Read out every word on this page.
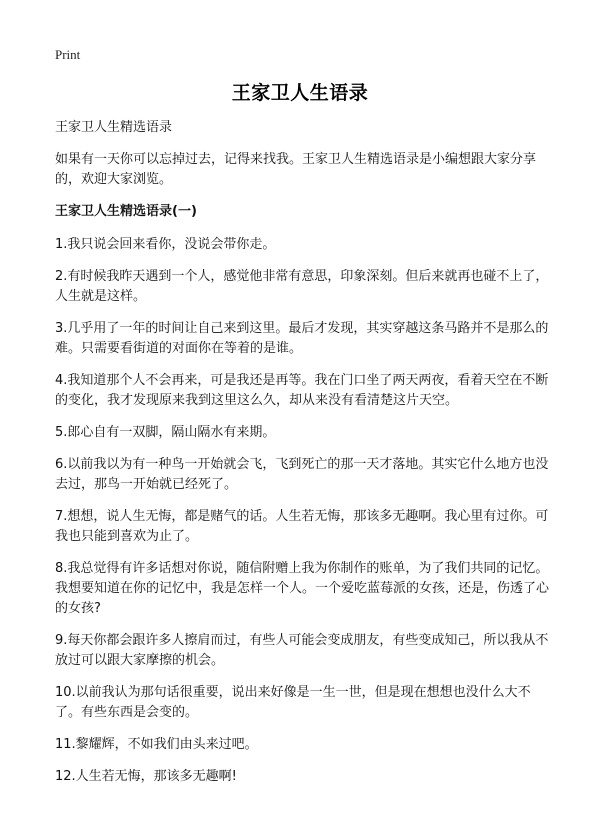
Print
王家卫人生语录

王家卫人生精选语录

如果有一天你可以忘掉过去，记得来找我。王家卫人生精选语录是小编想跟大家分享的，欢迎大家浏览。

王家卫人生精选语录(一)

1.我只说会回来看你，没说会带你走。

2.有时候我昨天遇到一个人，感觉他非常有意思，印象深刻。但后来就再也碰不上了，人生就是这样。

3.几乎用了一年的时间让自己来到这里。最后才发现，其实穿越这条马路并不是那么的难。只需要看街道的对面你在等着的是谁。

4.我知道那个人不会再来，可是我还是再等。我在门口坐了两天两夜，看着天空在不断的变化，我才发现原来我到这里这么久，却从来没有看清楚这片天空。

5.郎心自有一双脚，隔山隔水有来期。

6.以前我以为有一种鸟一开始就会飞，飞到死亡的那一天才落地。其实它什么地方也没去过，那鸟一开始就已经死了。

7.想想，说人生无悔，都是赌气的话。人生若无悔，那该多无趣啊。我心里有过你。可我也只能到喜欢为止了。

8.我总觉得有许多话想对你说，随信附赠上我为你制作的账单，为了我们共同的记忆。我想要知道在你的记忆中，我是怎样一个人。一个爱吃蓝莓派的女孩，还是，伤透了心的女孩?

9.每天你都会跟许多人擦肩而过，有些人可能会变成朋友，有些变成知己，所以我从不放过可以跟大家摩擦的机会。

10.以前我认为那句话很重要，说出来好像是一生一世，但是现在想想也没什么大不了。有些东西是会变的。

11.黎耀辉，不如我们由头来过吧。

12.人生若无悔，那该多无趣啊!
